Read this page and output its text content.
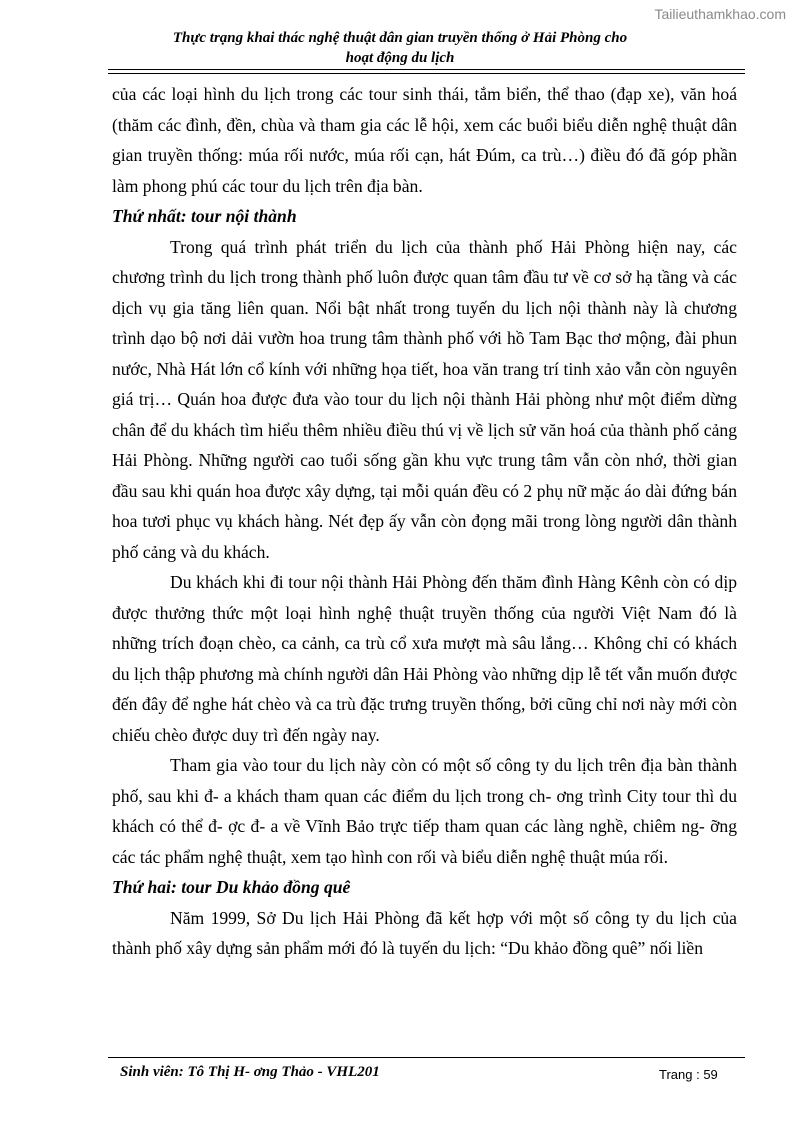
Tailieuthamkhao.com
Thực trạng khai thác nghệ thuật dân gian truyền thống ở Hải Phòng cho
hoạt động du lịch

của các loại hình du lịch trong các tour sinh thái, tắm biển, thể thao (đạp xe), văn hoá (thăm các đình, đền, chùa và tham gia các lễ hội, xem các buổi biểu diễn nghệ thuật dân gian truyền thống: múa rối nước, múa rối cạn, hát Đúm, ca trù…) điều đó đã góp phần làm phong phú các tour du lịch trên địa bàn.

Thứ nhất: tour nội thành

Trong quá trình phát triển du lịch của thành phố Hải Phòng hiện nay, các chương trình du lịch trong thành phố luôn được quan tâm đầu tư về cơ sở hạ tầng và các dịch vụ gia tăng liên quan. Nổi bật nhất trong tuyến du lịch nội thành này là chương trình dạo bộ nơi dải vườn hoa trung tâm thành phố với hồ Tam Bạc thơ mộng, đài phun nước, Nhà Hát lớn cổ kính với những họa tiết, hoa văn trang trí tinh xảo vẫn còn nguyên giá trị… Quán hoa được đưa vào tour du lịch nội thành Hải phòng như một điểm dừng chân để du khách tìm hiểu thêm nhiều điều thú vị về lịch sử văn hoá của thành phố cảng Hải Phòng. Những người cao tuổi sống gần khu vực trung tâm vẫn còn nhớ, thời gian đầu sau khi quán hoa được xây dựng, tại mỗi quán đều có 2 phụ nữ mặc áo dài đứng bán hoa tươi phục vụ khách hàng. Nét đẹp ấy vẫn còn đọng mãi trong lòng người dân thành phố cảng và du khách.

Du khách khi đi tour nội thành Hải Phòng đến thăm đình Hàng Kênh còn có dịp được thưởng thức một loại hình nghệ thuật truyền thống của người Việt Nam đó là những trích đoạn chèo, ca cảnh, ca trù cổ xưa mượt mà sâu lắng… Không chỉ có khách du lịch thập phương mà chính người dân Hải Phòng vào những dịp lễ tết vẫn muốn được đến đây để nghe hát chèo và ca trù đặc trưng truyền thống, bởi cũng chỉ nơi này mới còn chiếu chèo được duy trì đến ngày nay.

Tham gia vào tour du lịch này còn có một số công ty du lịch trên địa bàn thành phố, sau khi đ- a khách tham quan các điểm du lịch trong ch- ơng trình City tour thì du khách có thể đ- ợc đ- a về Vĩnh Bảo trực tiếp tham quan các làng nghề, chiêm ng- ỡng các tác phẩm nghệ thuật, xem tạo hình con rối và biểu diễn nghệ thuật múa rối.

Thứ hai: tour Du khảo đồng quê

Năm 1999, Sở Du lịch Hải Phòng đã kết hợp với một số công ty du lịch của thành phố xây dựng sản phẩm mới đó là tuyến du lịch: “Du khảo đồng quê” nối liền

Sinh viên: Tô Thị H- ơng Thảo - VHL201	Trang : 59
